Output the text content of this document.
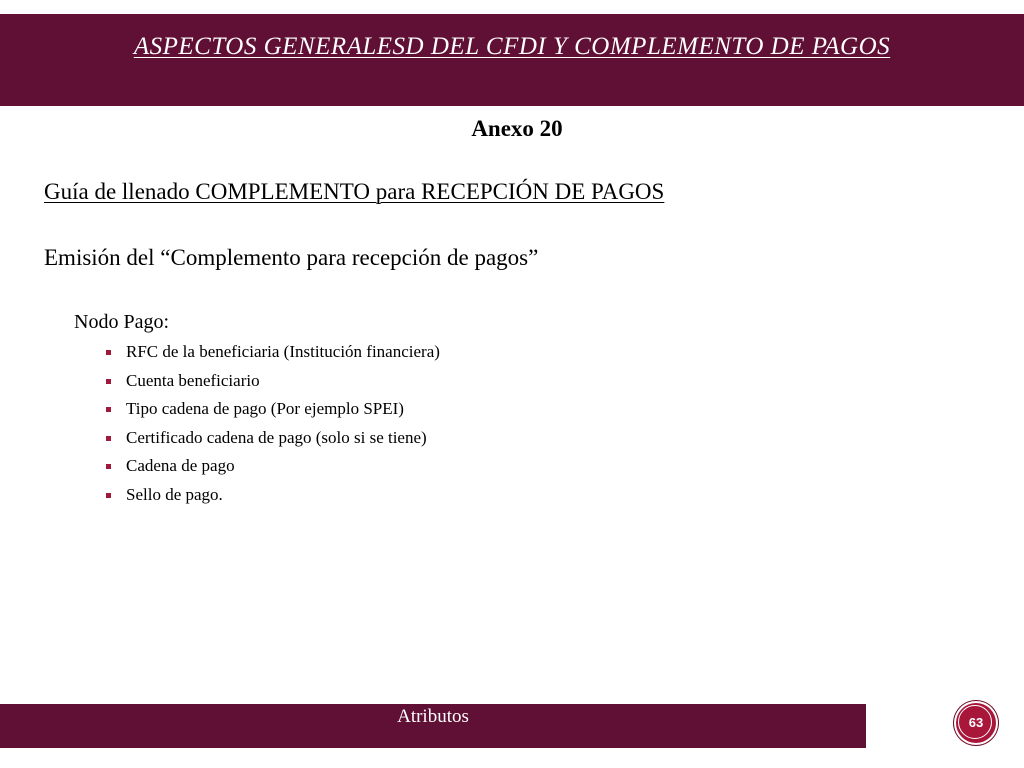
ASPECTOS GENERALESD DEL CFDI Y COMPLEMENTO DE PAGOS
Anexo 20
Guía de llenado COMPLEMENTO para RECEPCIÓN DE PAGOS
Emisión del “Complemento para recepción de pagos”
Nodo Pago:
RFC de la beneficiaria (Institución financiera)
Cuenta beneficiario
Tipo cadena de pago (Por ejemplo SPEI)
Certificado cadena de pago (solo si se tiene)
Cadena de pago
Sello de pago.
Atributos	63
